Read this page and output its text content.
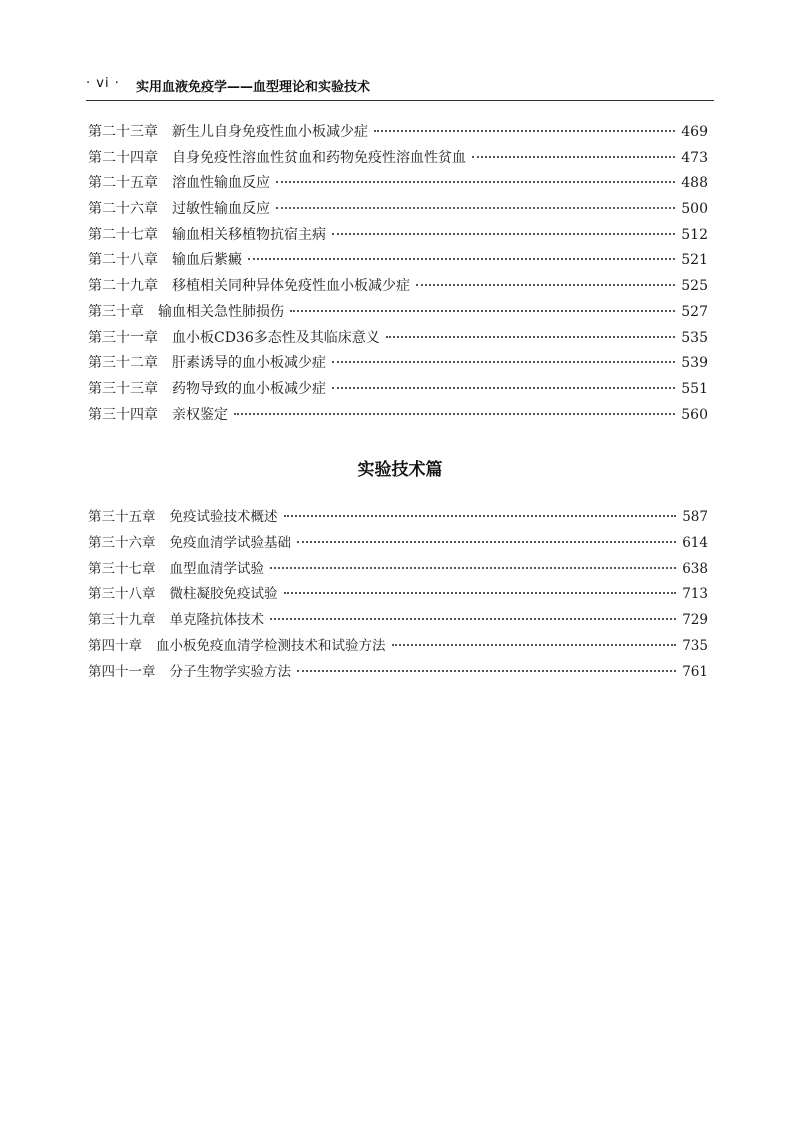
· vi · 实用血液免疫学——血型理论和实验技术
第二十三章 新生儿自身免疫性血小板减少症	469
第二十四章 自身免疫性溶血性贫血和药物免疫性溶血性贫血	473
第二十五章 溶血性输血反应	488
第二十六章 过敏性输血反应	500
第二十七章 输血相关移植物抗宿主病	512
第二十八章 输血后紫癜	521
第二十九章 移植相关同种异体免疫性血小板减少症	525
第三十章 输血相关急性肺损伤	527
第三十一章 血小板CD36多态性及其临床意义	535
第三十二章 肝素诱导的血小板减少症	539
第三十三章 药物导致的血小板减少症	551
第三十四章 亲权鉴定	560
实验技术篇
第三十五章 免疫试验技术概述	587
第三十六章 免疫血清学试验基础	614
第三十七章 血型血清学试验	638
第三十八章 微柱凝胶免疫试验	713
第三十九章 单克隆抗体技术	729
第四十章 血小板免疫血清学检测技术和试验方法	735
第四十一章 分子生物学实验方法	761
